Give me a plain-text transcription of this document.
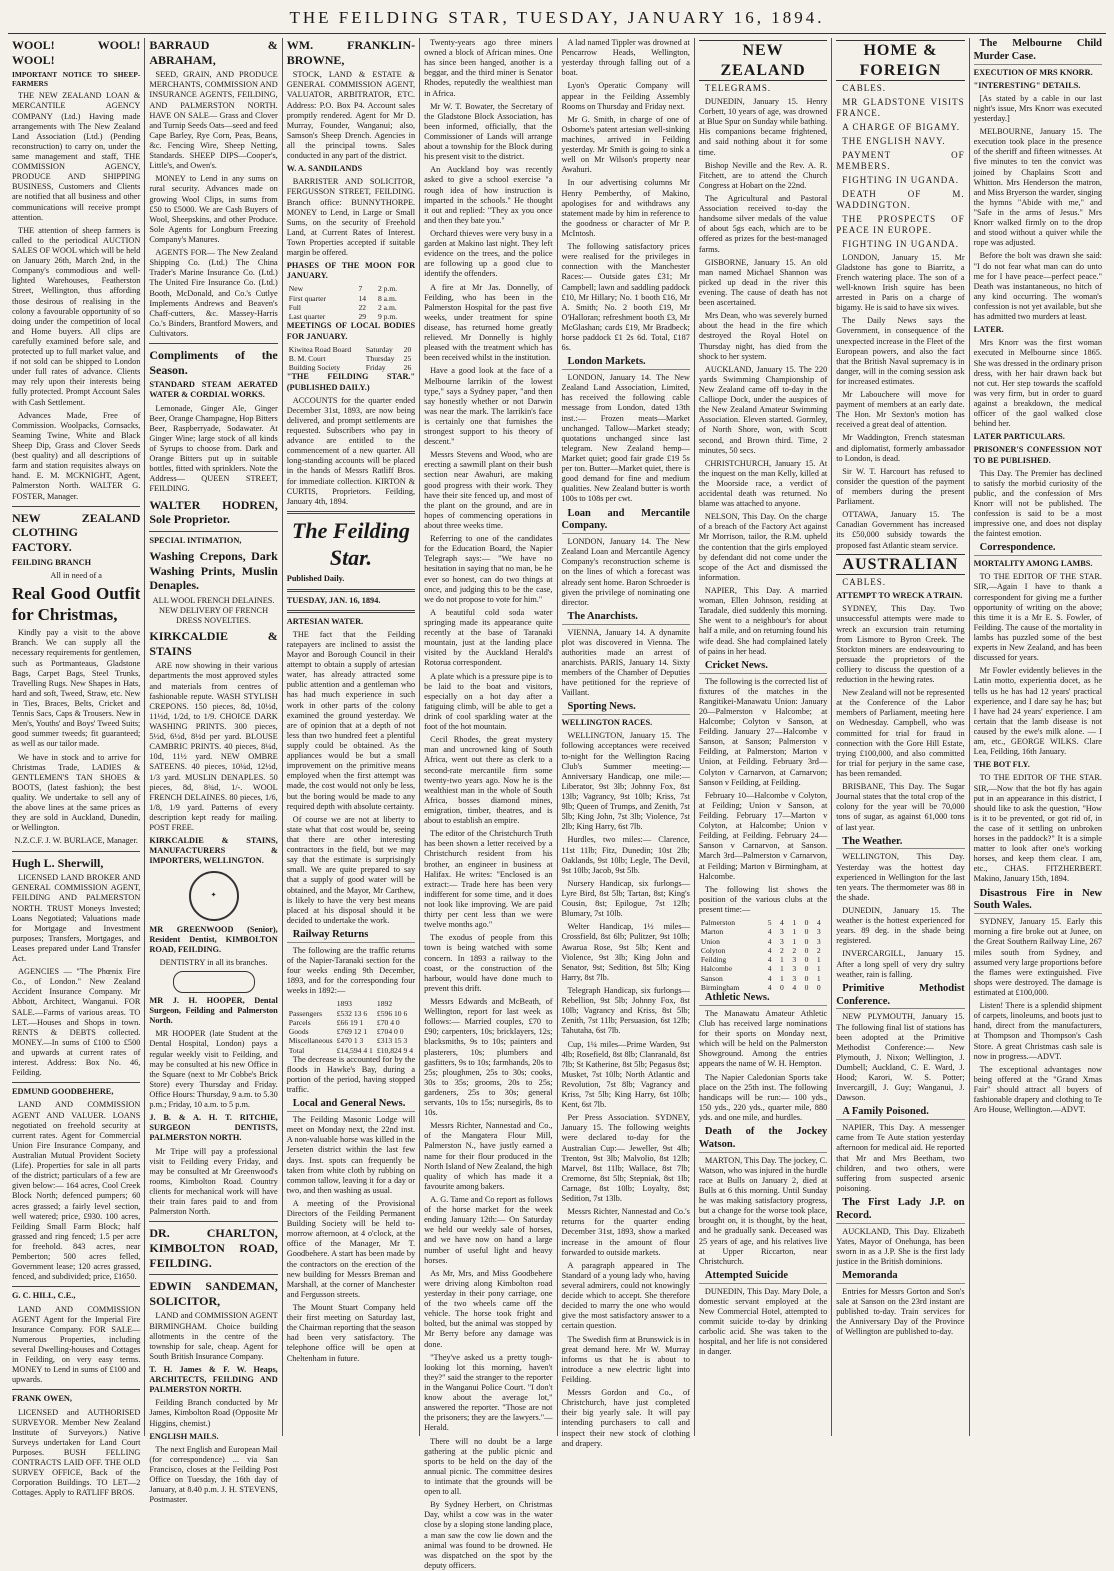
THE FEILDING STAR, TUESDAY, JANUARY 16, 1894.

WOOL! WOOL! WOOL!

IMPORTANT NOTICE TO SHEEP-FARMERS

THE NEW ZEALAND LOAN & MERCANTILE AGENCY COMPANY (Ltd.) Having made arrangements with The New Zealand Land Association (Ltd.) (Pending reconstruction) to carry on, under the same management and staff, THE COMMISSION AGENCY, PRODUCE AND SHIPPING BUSINESS, Customers and Clients are notified that all business and other communications will receive prompt attention.

THE attention of sheep farmers is called to the periodical AUCTION SALES OF WOOL which will be held on January 26th, March 2nd, in the Company's commodious and well-lighted Warehouses, Featherston Street, Wellington, thus affording those desirous of realising in the colony a favourable opportunity of so doing under the competition of local and Home buyers. All clips are carefully examined before sale, and protected up to full market value, and if not sold can be shipped to London under full rates of advance. Clients may rely upon their interests being fully protected. Prompt Account Sales with Cash Settlement.

Advances Made, Free of Commission. Woolpacks, Cornsacks, Seaming Twine, White and Black Sheep Dip, Grass and Clover Seeds (best quality) and all descriptions of farm and station requisites always on hand. E. M. MCKNIGHT, Agent, Palmerston North. WALTER G. FOSTER, Manager.

NEW ZEALAND CLOTHING FACTORY.

FEILDING BRANCH

All in need of a

Real Good Outfit for Christmas,

Kindly pay a visit to the above Branch. We can supply all the necessary requirements for gentlemen, such as Portmanteaus, Gladstone Bags, Carpet Bags, Steel Trunks, Travelling Rugs. New Shapes in Hats, hard and soft, Tweed, Straw, etc. New in Ties, Braces, Belts, Cricket and Tennis Sacs, Caps & Trousers. New in Men's, Youths' and Boys' Tweed Suits; good summer tweeds; fit guaranteed; as well as our tailor made.

We have in stock and to arrive for Christmas Trade, LADIES & GENTLEMEN'S TAN SHOES & BOOTS, (latest fashion); the best quality. We undertake to sell any of the above lines at the same prices as they are sold in Auckland, Dunedin, or Wellington.

N.Z.C.F. J. W. BURLACE, Manager.

Hugh L. Sherwill,

LICENSED LAND BROKER AND GENERAL COMMISSION AGENT, FEILDING AND PALMERSTON NORTH. TRUST Moneys Invested; Loans Negotiated; Valuations made for Mortgage and Investment purposes; Transfers, Mortgages, and Leases prepared under Land Transfer Act.

AGENCIES — "The Phœnix Fire Co., of London." New Zealand Accident Insurance Company. Mr Abbott, Architect, Wanganui. FOR SALE.—Farms of various areas. TO LET.—Houses and Shops in town. RENTS & DEBTS collected. MONEY.—In sums of £100 to £500 and upwards at current rates of interest. Address: Box No. 46, Feilding.

EDMUND GOODBEHERE,

LAND AND COMMISSION AGENT AND VALUER. LOANS negotiated on freehold security at current rates. Agent for Commercial Union Fire Insurance Company, and Australian Mutual Provident Society (Life). Properties for sale in all parts of the district; particulars of a few are given below:— 164 acres, Cool Creek Block North; defenced pumpers; 60 acres grassed; a fairly level section, well watered; price, £930. 100 acres, Feilding Small Farm Block; half grassed and ring fenced; 1.5 per acre for freehold. 843 acres, near Pemberton; 500 acres felled, Government lease; 120 acres grassed, fenced, and subdivided; price, £1650.

G. C. HILL, C.E.,

LAND AND COMMISSION AGENT Agent for the Imperial Fire Insurance Company. FOR SALE—Numerous Properties, including several Dwelling-houses and Cottages in Feilding, on very easy terms. MONEY to Lend in sums of £100 and upwards.

FRANK OWEN,

LICENSED and AUTHORISED SURVEYOR. Member New Zealand Institute of Surveyors.) Native Surveys undertaken for Land Court Purposes. BUSH FELLING CONTRACTS LAID OFF. THE OLD SURVEY OFFICE, Back of the Corporation Buildings. TO LET—2 Cottages. Apply to RATLIFF BROS.

BARRAUD & ABRAHAM,

SEED, GRAIN, AND PRODUCE MERCHANTS, COMMISSION AND INSURANCE AGENTS, FEILDING, AND PALMERSTON NORTH. HAVE ON SALE— Grass and Clover and Turnip Seeds Oats—seed and feed Cape Barley, Rye Corn, Peas, Beans, &c. Fencing Wire, Sheep Netting, Standards. SHEEP DIPS—Cooper's, Little's, and Owen's.

MONEY to Lend in any sums on rural security. Advances made on growing Wool Clips, in sums from £50 to £5000. We are Cash Buyers of Wool, Sheepskins, and other Produce. Sole Agents for Longburn Freezing Company's Manures.

AGENTS FOR— The New Zealand Shipping Co. (Ltd.) The China Trader's Marine Insurance Co. (Ltd.) The United Fire Insurance Co. (Ltd.) Booth, McDonald, and Co.'s Cutlye Implements Andrews and Beaven's Chaff-cutters, &c. Massey-Harris Co.'s Binders, Brantford Mowers, and Cultivators.

Compliments of the Season.

STANDARD STEAM AERATED WATER & CORDIAL WORKS.

Lemonade, Ginger Ale, Ginger Beer, Orange Champagne, Hop Bitters Beer, Raspberryade, Sodawater. At Ginger Wine; large stock of all kinds of Syrups to choose from. Dark and Orange Bitters put up in suitable bottles, fitted with sprinklers. Note the Address— QUEEN STREET, FEILDING.

WALTER HODREN, Sole Proprietor.

SPECIAL INTIMATION,

Washing Crepons, Dark Washing Prints, Muslin Denaples.

ALL WOOL FRENCH DELAINES. NEW DELIVERY OF FRENCH DRESS NOVELTIES.

KIRKCALDIE & STAINS

ARE now showing in their various departments the most approved styles and materials from centres of fashionable repute. WASH STYLISH CREPONS. 150 pieces, 8d, 10½d, 11½d, 1/2d, to 1/9. CHOICE DARK WASHING PRINTS. 300 pieces, 5½d, 6½d, 8½d per yard. BLOUSE CAMBRIC PRINTS. 40 pieces, 8¼d, 10d, 11½ yard. NEW OMBRE SATEENS. 40 pieces, 10¼d, 12½d, 1/3 yard. MUSLIN DENAPLES. 50 pieces, 8d, 8¾d, 1/-. WOOL FRENCH DELAINES. 80 pieces, 1/6, 1/8, 1/9 yard. Patterns of every description kept ready for mailing. POST FREE.

KIRKCALDIE & STAINS, MANUFACTURERS & IMPORTERS, WELLINGTON.

✦

MR GREENWOOD (Senior), Resident Dentist, KIMBOLTON ROAD, FEILDING.

DENTISTRY in all its branches.

MR J. H. HOOPER, Dental Surgeon, Feilding and Palmerston North.

MR HOOPER (late Student at the Dental Hospital, London) pays a regular weekly visit to Feilding, and may be consulted at his new Office in the Square (next to Mr Cobbe's Brick Store) every Thursday and Friday. Office Hours: Thursday, 9 a.m. to 5.30 p.m.; Friday, 10 a.m. to 5 p.m.

J. B. & A. H. T. RITCHIE, SURGEON DENTISTS, PALMERSTON NORTH.

Mr Tripe will pay a professional visit to Feilding every Friday, and may be consulted at Mr Greenwood's rooms, Kimbolton Road. Country clients for mechanical work will have their train fares paid to and from Palmerston North.

DR. CHARLTON, KIMBOLTON ROAD, FEILDING.

EDWIN SANDEMAN, SOLICITOR,

LAND and COMMISSION AGENT BIRMINGHAM. Choice building allotments in the centre of the township for sale, cheap. Agent for South British Insurance Company.

T. H. James & F. W. Heaps, ARCHITECTS, FEILDING AND PALMERSTON NORTH.

Feilding Branch conducted by Mr James, Kimbolton Road (Opposite Mr Higgins, chemist.)

ENGLISH MAILS.

The next English and European Mail (for correspondence) ... via San Francisco, closes at the Feilding Post Office on Tuesday, the 16th day of January, at 8.40 p.m. J. H. STEVENS, Postmaster.

WM. FRANKLIN-BROWNE,

STOCK, LAND & ESTATE & GENERAL COMMISSION AGENT, VALUATOR, ARBITRATOR, ETC. Address: P.O. Box P4. Account sales promptly rendered. Agent for Mr D. Murray, Founder, Wanganui; also, Samson's Sheep Drench. Agencies in all the principal towns. Sales conducted in any part of the district.

W. A. SANDILANDS

BARRISTER AND SOLICITOR, FERGUSSON STREET, FEILDING. Branch office: BUNNYTHORPE. MONEY to Lend, in Large or Small Sums, on the security of Freehold Land, at Current Rates of Interest. Town Properties accepted if suitable margin be offered.

PHASES OF THE MOON FOR JANUARY.

New	7	2 p.m.
First quarter	14	8 a.m.
Full	22	2 a.m.
Last quarter	29	9 p.m.

MEETINGS OF LOCAL BODIES FOR JANUARY.

Kiwitea Road Board	Saturday	20
B. M. Court	Thursday	25
Building Society	Friday	26

"THE FEILDING STAR." (PUBLISHED DAILY.)

ACCOUNTS for the quarter ended December 31st, 1893, are now being delivered, and prompt settlements are requested. Subscribers who pay in advance are entitled to the commencement of a new quarter. All long-standing accounts will be placed in the hands of Messrs Ratliff Bros. for immediate collection. KIRTON & CURTIS, Proprietors. Feilding, January 4th, 1894.

The Feilding Star.

Published Daily.

TUESDAY, JAN. 16, 1894.

ARTESIAN WATER.

THE fact that the Feilding ratepayers are inclined to assist the Mayor and Borough Council in their attempt to obtain a supply of artesian water, has already attracted some public attention and a gentleman who has had much experience in such work in other parts of the colony examined the ground yesterday. We are of opinion that at a depth of not less than two hundred feet a plentiful supply could be obtained. As the appliances would be but a small improvement on the primitive means employed when the first attempt was made, the cost would not only be less, but the boring would be made to any required depth with absolute certainty.

Of course we are not at liberty to state what that cost would be, seeing that there are other interesting contractors in the field, but we may say that the estimate is surprisingly small. We are quite prepared to say that a supply of good water will be obtained, and the Mayor, Mr Carthew, is likely to have the very best means placed at his disposal should it be decided to undertake the work.

Railway Returns

The following are the traffic returns of the Napier-Taranaki section for the four weeks ending 9th December, 1893, and for the corresponding four weeks in 1892:—

	1893	1892
Passengers	£532 13 6	£596 10 6
Parcels	£66 19 1	£70 4 0
Goods	£769 12 1	£704 0 0
Miscellaneous	£470 1 3	£313 15 3
Total	£14,594 4 1	£10,824 9 4

The decrease is accounted for by the floods in Hawke's Bay, during a portion of the period, having stopped traffic.

Local and General News.

The Feilding Masonic Lodge will meet on Monday next, the 22nd inst. A non-valuable horse was killed in the Jerseten district within the last few days. Inst. spots can frequently be taken from white cloth by rubbing on common tallow, leaving it for a day or two, and then washing as usual.

A meeting of the Provisional Directors of the Feilding Permanent Building Society will be held to-morrow afternoon, at 4 o'clock, at the office of the Manager, Mr T. Goodbehere. A start has been made by the contractors on the erection of the new building for Messrs Breman and Marshall, at the corner of Manchester and Fergusson streets.

The Mount Stuart Company held their first meeting on Saturday last, the Chairman reporting that the season had been very satisfactory. The telephone office will be open at Cheltenham in future.

Twenty-years ago three miners owned a block of African mines. One has since been hanged, another is a beggar, and the third miner is Senator Rhodes, reputedly the wealthiest man in Africa.

Mr W. T. Bowater, the Secretary of the Gladstone Block Association, has been informed, officially, that the Commissioner of Lands will arrange about a township for the Block during his present visit to the district.

An Auckland boy was recently asked to give a school exercise "a rough idea of how instruction is imparted in the schools." He thought it out and replied: "They ax you once and then they bate you."

Orchard thieves were very busy in a garden at Makino last night. They left evidence on the trees, and the police are following up a good clue to identify the offenders.

A fire at Mr Jas. Donnelly, of Feilding, who has been in the Palmerston Hospital for the past five weeks, under treatment for spine disease, has returned home greatly relieved. Mr Donnelly is highly pleased with the treatment which has been received whilst in the institution.

Have a good look at the face of a Melbourne larrikin of the lowest type," says a Sydney paper, "and then say honestly whether or not Darwin was near the mark. The larrikin's face is certainly one that furnishes the strongest support to his theory of descent."

Messrs Stevens and Wood, who are erecting a sawmill plant on their bush section near Awahuri, are making good progress with their work. They have their site fenced up, and most of the plant on the ground, and are in hopes of commencing operations in about three weeks time.

Referring to one of the candidates for the Education Board, the Napier Telegraph says:— "We have no hesitation in saying that no man, be he ever so honest, can do two things at once, and judging this to be the case, we do not propose to vote for him."

A beautiful cold soda water springing made its appearance quite recently at the base of Taranaki mountain, just at the landing place visited by the Auckland Herald's Rotorua correspondent.

A plate which is a pressure pipe is to be laid to the boat and visitors, especially on a hot day after a fatiguing climb, will be able to get a drink of cool sparkling water at the foot of the hot mountain.

Cecil Rhodes, the great mystery man and uncrowned king of South Africa, went out there as clerk to a second-rate mercantile firm some twenty-two years ago. Now he is the wealthiest man in the whole of South Africa, bosses diamond mines, emigration, timber, theatres, and is about to establish an empire.

The editor of the Christchurch Truth has been shown a letter received by a Christchurch resident from his brother, an engineer in business at Halifax. He writes: "Enclosed is an extract:— Trade here has been very indifferent for some time, and it does not look like improving. We are paid thirty per cent less than we were twelve months ago."

The exodus of people from this town is being watched with some concern. In 1893 a railway to the coast, or the construction of the harbour, would have done much to prevent this drift.

Messrs Edwards and McBeath, of Wellington, report for last week as follows:— Married couples, £70 to £90; carpenters, 10s; bricklayers, 12s; blacksmiths, 9s to 10s; painters and plasterers, 10s; plumbers and gasfitters, 9s to 10s; farmhands, 20s to 25s; ploughmen, 25s to 30s; cooks, 30s to 35s; grooms, 20s to 25s; gardeners, 25s to 30s; general servants, 10s to 15s; nursegirls, 8s to 10s.

Messrs Richter, Nannestad and Co., of the Mangatera Flour Mill, Palmerston N., have justly earned a name for their flour produced in the North Island of New Zealand, the high quality of which has made it a favourite among bakers.

A. G. Tame and Co report as follows of the horse market for the week ending January 12th:— On Saturday we held our weekly sale of horses, and we have now on hand a large number of useful light and heavy horses.

As Mr, Mrs, and Miss Goodbehere were driving along Kimbolton road yesterday in their pony carriage, one of the two wheels came off the vehicle. The horse took fright and bolted, but the animal was stopped by Mr Berry before any damage was done.

"They've asked us a pretty tough-looking lot this morning, haven't they?" said the stranger to the reporter in the Wanganui Police Court. "I don't know about the average lot," answered the reporter. "Those are not the prisoners; they are the lawyers."—Herald.

There will no doubt be a large gathering at the public picnic and sports to be held on the day of the annual picnic. The committee desires to intimate that the grounds will be open to all.

By Sydney Herbert, on Christmas Day, whilst a cow was in the water close by a sloping stone landing place, a man saw the cow lie down and the animal was found to be drowned. He was dispatched on the spot by the deputy officers.

A lad named Tippler was drowned at Pencarrow Heads, Wellington, yesterday through falling out of a boat.

Lyon's Operatic Company will appear in the Feilding Assembly Rooms on Thursday and Friday next.

Mr G. Smith, in charge of one of Osborne's patent artesian well-sinking machines, arrived in Feilding yesterday. Mr Smith is going to sink a well on Mr Wilson's property near Awahuri.

In our advertising columns Mr Henry Pemberthy, of Makino, apologises for and withdraws any statement made by him in reference to the goodness or character of Mr P. McIntosh.

The following satisfactory prices were realised for the privileges in connection with the Manchester Races:— Outside gates £31; Mr Campbell; lawn and saddling paddock £10, Mr Hillary; No. 1 booth £16, Mr A. Smith; No. 2 booth £19, Mr O'Halloran; refreshment booth £3, Mr McGlashan; cards £19, Mr Bradbeck; horse paddock £1 2s 6d. Total, £187 6s.

London Markets.

LONDON, January 14. The New Zealand Land Association, Limited, has received the following cable message from London, dated 13th inst.:— Frozen meats—Market unchanged. Tallow—Market steady; quotations unchanged since last telegram. New Zealand hemp—Market quiet; good fair grade £19 5s per ton. Butter—Market quiet, there is good demand for fine and medium qualities. New Zealand butter is worth 100s to 108s per cwt.

Loan and Mercantile Company.

LONDON, January 14. The New Zealand Loan and Mercantile Agency Company's reconstruction scheme is on the lines of which a forecast was already sent home. Baron Schroeder is given the privilege of nominating one director.

The Anarchists.

VIENNA, January 14. A dynamite plot was discovered in Vienna. The authorities made an arrest of anarchists. PARIS, January 14. Sixty members of the Chamber of Deputies have petitioned for the reprieve of Vaillant.

Sporting News.

WELLINGTON RACES.

WELLINGTON, January 15. The following acceptances were received to-night for the Wellington Racing Club's Summer meeting:— Anniversary Handicap, one mile:— Liberator, 9st 3lb; Johnny Fox, 8st 13lb; Vagrancy, 9st 10lb; Kriss, 7st 9lb; Queen of Trumps, and Zenith, 7st 5lb; King John, 7st 3lb; Violence, 7st 2lb; King Harry, 6st 7lb.

Hurdles, two miles:— Clarence, 11st 11lb; Fitz, Dunedin; 10st 2lb; Oaklands, 9st 10lb; Legle, The Devil, 9st 10lb; Jacob, 9st 5lb.

Nursery Handicap, six furlongs—Lyre Bird, 8st 5lb; Tartan, 8st; King's Cousin, 8st; Epilogue, 7st 12lb; Blumary, 7st 10lb.

Welter Handicap, 1½ miles—Crossfield, 8st 6lb; Pulitzer, 9st 10lb; Awarua Rose, 9st 5lb; Kent and Violence, 9st 3lb; King John and Senator, 9st; Sedition, 8st 5lb; King Harry, 8st 7lb.

Telegraph Handicap, six furlongs—Rebellion, 9st 5lb; Johnny Fox, 8st 10lb; Vagrancy and Kriss, 8st 5lb; Zenith, 7st 11lb; Persuasion, 6st 12lb; Tahutaha, 6st 7lb.

Cup, 1¼ miles—Prime Warden, 9st 4lb; Rosefield, 8st 8lb; Clanranald, 8st 7lb; St Katherine, 8st 5lb; Pegasus 8st; Musket, 7st 10lb; North Atlantic and Revolution, 7st 8lb; Vagrancy and Kriss, 7st 5lb; King Harry, 6st 10lb; Kent, 6st 7lb.

Per Press Association. SYDNEY, January 15. The following weights were declared to-day for the Australian Cup:— Jeweller, 9st 4lb; Trenton, 9st 3lb; Malvolio, 8st 12lb; Marvel, 8st 11lb; Wallace, 8st 7lb; Cremorne, 8st 5lb; Stepniak, 8st 1lb; Carnage, 8st 10lb; Loyalty, 8st; Sedition, 7st 13lb.

Messrs Richter, Nannestad and Co.'s returns for the quarter ending December 31st, 1893, show a marked increase in the amount of flour forwarded to outside markets.

A paragraph appeared in The Standard of a young lady who, having several admirers, could not knowingly decide which to accept. She therefore decided to marry the one who would give the most satisfactory answer to a certain question.

The Swedish firm at Brunswick is in great demand here. Mr W. Murray informs us that he is about to introduce a new electric light into Feilding.

Messrs Gordon and Co., of Christchurch, have just completed their big yearly sale. It will pay intending purchasers to call and inspect their new stock of clothing and drapery.

NEW ZEALAND

TELEGRAMS.

DUNEDIN, January 15. Henry Corbett, 10 years of age, was drowned at Blue Spur on Sunday while bathing. His companions became frightened, and said nothing about it for some time.

Bishop Neville and the Rev. A. R. Fitchett, are to attend the Church Congress at Hobart on the 22nd.

The Agricultural and Pastoral Association received to-day the handsome silver medals of the value of about 5gs each, which are to be offered as prizes for the best-managed farms.

GISBORNE, January 15. An old man named Michael Shannon was picked up dead in the river this evening. The cause of death has not been ascertained.

Mrs Dean, who was severely burned about the head in the fire which destroyed the Royal Hotel on Thursday night, has died from the shock to her system.

AUCKLAND, January 15. The 220 yards Swimming Championship of New Zealand came off to-day in the Calliope Dock, under the auspices of the New Zealand Amateur Swimming Association. Eleven started. Gormley, of North Shore, won, with Scott second, and Brown third. Time, 2 minutes, 50 secs.

CHRISTCHURCH, January 15. At the inquest on the man Kelly, killed at the Moorside race, a verdict of accidental death was returned. No blame was attached to anyone.

NELSON, This Day. On the charge of a breach of the Factory Act against Mr Morrison, tailor, the R.M. upheld the contention that the girls employed by defendant did not come under the scope of the Act and dismissed the information.

NAPIER, This Day. A married woman, Ellen Johnson, residing at Taradale, died suddenly this morning. She went to a neighbour's for about half a mile, and on returning found his wife dead. She had complained lately of pains in her head.

Cricket News.

The following is the corrected list of fixtures of the matches in the Rangitikei-Manawatu Union: January 20—Palmerston v Halcombe; at Halcombe; Colyton v Sanson, at Feilding. January 27—Halcombe v Sanson, at Sanson; Palmerston v Feilding, at Palmerston; Marton v Union, at Feilding. February 3rd—Colyton v Carnarvon, at Carnarvon; Sanson v Feilding, at Feilding.

February 10—Halcombe v Colyton, at Feilding; Union v Sanson, at Feilding. February 17—Marton v Colyton, at Halcombe; Union v Feilding, at Feilding. February 24—Sanson v Carnarvon, at Sanson. March 3rd—Palmerston v Carnarvon, at Feilding; Marton v Birmingham, at Halcombe.

The following list shows the position of the various clubs at the present time:—

Palmerston	5	4	1	0	4
Marton	4	3	1	0	3
Union	4	3	1	0	3
Colyton	4	2	2	0	2
Feilding	4	1	3	0	1
Halcombe	4	1	3	0	1
Sanson	4	1	3	0	1
Birmingham	4	0	4	0	0

Athletic News.

The Manawatu Amateur Athletic Club has received large nominations for their sports on Monday next, which will be held on the Palmerston Showground. Among the entries appears the name of W. H. Hempton.

The Napier Caledonian Sports take place on the 25th inst. The following handicaps will be run:— 100 yds., 150 yds., 220 yds., quarter mile, 880 yds. and one mile, and hurdles.

Death of the Jockey Watson.

MARTON, This Day. The jockey, C. Watson, who was injured in the hurdle race at Bulls on January 2, died at Bulls at 6 this morning. Until Sunday he was making satisfactory progress, but a change for the worse took place, brought on, it is thought, by the heat, and he gradually sank. Deceased was 25 years of age, and his relatives live at Upper Riccarton, near Christchurch.

Attempted Suicide

DUNEDIN, This Day. Mary Dole, a domestic servant employed at the New Commercial Hotel, attempted to commit suicide to-day by drinking carbolic acid. She was taken to the hospital, and her life is not considered in danger.

HOME & FOREIGN

CABLES.

MR GLADSTONE VISITS FRANCE.

A CHARGE OF BIGAMY.

THE ENGLISH NAVY.

PAYMENT OF MEMBERS.

FIGHTING IN UGANDA.

DEATH OF M. WADDINGTON.

THE PROSPECTS OF PEACE IN EUROPE.

FIGHTING IN UGANDA.

LONDON, January 15. Mr Gladstone has gone to Biarritz, a French watering place. The son of a well-known Irish squire has been arrested in Paris on a charge of bigamy. He is said to have six wives.

The Daily News says the Government, in consequence of the unexpected increase in the Fleet of the European powers, and also the fact that the British Naval supremacy is in danger, will in the coming session ask for increased estimates.

Mr Labouchere will move for payment of members at an early date. The Hon. Mr Sexton's motion has received a great deal of attention.

Mr Waddington, French statesman and diplomatist, formerly ambassador to London, is dead.

Sir W. T. Harcourt has refused to consider the question of the payment of members during the present Parliament.

OTTAWA, January 15. The Canadian Government has increased its £50,000 subsidy towards the proposed fast Atlantic steam service.

AUSTRALIAN

CABLES.

ATTEMPT TO WRECK A TRAIN.

SYDNEY, This Day. Two unsuccessful attempts were made to wreck an excursion train returning from Lismore to Byron Creek. The Stockton miners are endeavouring to persuade the proprietors of the colliery to discuss the question of a reduction in the hewing rates.

New Zealand will not be represented at the Conference of the Labor members of Parliament, meeting here on Wednesday. Campbell, who was committed for trial for fraud in connection with the Gore Hill Estate, trying £100,000, and also committed for trial for perjury in the same case, has been remanded.

BRISBANE, This Day. The Sugar Journal states that the total crop of the colony for the year will be 70,000 tons of sugar, as against 61,000 tons of last year.

The Weather.

WELLINGTON, This Day. Yesterday was the hottest day experienced in Wellington for the last ten years. The thermometer was 88 in the shade.

DUNEDIN, January 15. The weather is the hottest experienced for years. 89 deg. in the shade being registered.

INVERCARGILL, January 15. After a long spell of very dry sultry weather, rain is falling.

Primitive Methodist Conference.

NEW PLYMOUTH, January 15. The following final list of stations has been adopted at the Primitive Methodist Conference:— New Plymouth, J. Nixon; Wellington, J. Dumbell; Auckland, C. E. Ward, J. Hood; Karori, W. S. Potter; Invercargill, J. Guy; Wanganui, J. Dawson.

A Family Poisoned.

NAPIER, This Day. A messenger came from Te Aute station yesterday afternoon for medical aid. He reported that Mr and Mrs Beetham, two children, and two others, were suffering from suspected arsenic poisoning.

The First Lady J.P. on Record.

AUCKLAND, This Day. Elizabeth Yates, Mayor of Onehunga, has been sworn in as a J.P. She is the first lady justice in the British dominions.

Memoranda

Entries for Messrs Gorton and Son's sale at Sanson on the 23rd instant are published to-day. Train services for the Anniversary Day of the Province of Wellington are published to-day.

The Melbourne Child Murder Case.

EXECUTION OF MRS KNORR.

"INTERESTING" DETAILS.

[As stated by a cable in our last night's issue, Mrs Knorr was executed yesterday.]

MELBOURNE, January 15. The execution took place in the presence of the sheriff and fifteen witnesses. At five minutes to ten the convict was joined by Chaplains Scott and Whitton. Mrs Henderson the matron, and Miss Bryerson the warder, singing the hymns "Abide with me," and "Safe in the arms of Jesus." Mrs Knorr walked firmly on to the drop and stood without a quiver while the rope was adjusted.

Before the bolt was drawn she said: "I do not fear what man can do unto me for I have peace—perfect peace." Death was instantaneous, no hitch of any kind occurring. The woman's confession is not yet available, but she has admitted two murders at least.

LATER.

Mrs Knorr was the first woman executed in Melbourne since 1865. She was dressed in the ordinary prison dress, with her hair drawn back but not cut. Her step towards the scaffold was very firm, but in order to guard against a breakdown, the medical officer of the gaol walked close behind her.

LATER PARTICULARS.

PRISONER'S CONFESSION NOT TO BE PUBLISHED.

This Day. The Premier has declined to satisfy the morbid curiosity of the public, and the confession of Mrs Knorr will not be published. The confession is said to be a most impressive one, and does not display the faintest emotion.

Correspondence.

MORTALITY AMONG LAMBS.

TO THE EDITOR OF THE STAR. SIR,—Again I have to thank a correspondent for giving me a further opportunity of writing on the above; this time it is a Mr E. S. Fowler, of Feilding. The cause of the mortality in lambs has puzzled some of the best experts in New Zealand, and has been discussed for years.

Mr Fowler evidently believes in the Latin motto, experientia docet, as he tells us he has had 12 years' practical experience, and I dare say he has; but I have had 24 years' experience. I am certain that the lamb disease is not caused by the ewe's milk alone. — I am, etc., GEORGE WILKS. Clare Lea, Feilding, 16th January.

THE BOT FLY.

TO THE EDITOR OF THE STAR. SIR,—Now that the bot fly has again put in an appearance in this district, I should like to ask the question, "How is it to be prevented, or got rid of, in the case of it settling on unbroken horses in the paddock?" It is a simple matter to look after one's working horses, and keep them clear. I am, etc., CHAS. FITZHERBERT. Makino, January 15th, 1894.

Disastrous Fire in New South Wales.

SYDNEY, January 15. Early this morning a fire broke out at Junee, on the Great Southern Railway Line, 267 miles south from Sydney, and assumed very large proportions before the flames were extinguished. Five shops were destroyed. The damage is estimated at £100,000.

Listen! There is a splendid shipment of carpets, linoleums, and boots just to hand, direct from the manufacturers, at Thompson and Thompson's Cash Store. A great Christmas cash sale is now in progress.—ADVT.

The exceptional advantages now being offered at the "Grand Xmas Fair" should attract all buyers of fashionable drapery and clothing to Te Aro House, Wellington.—ADVT.
